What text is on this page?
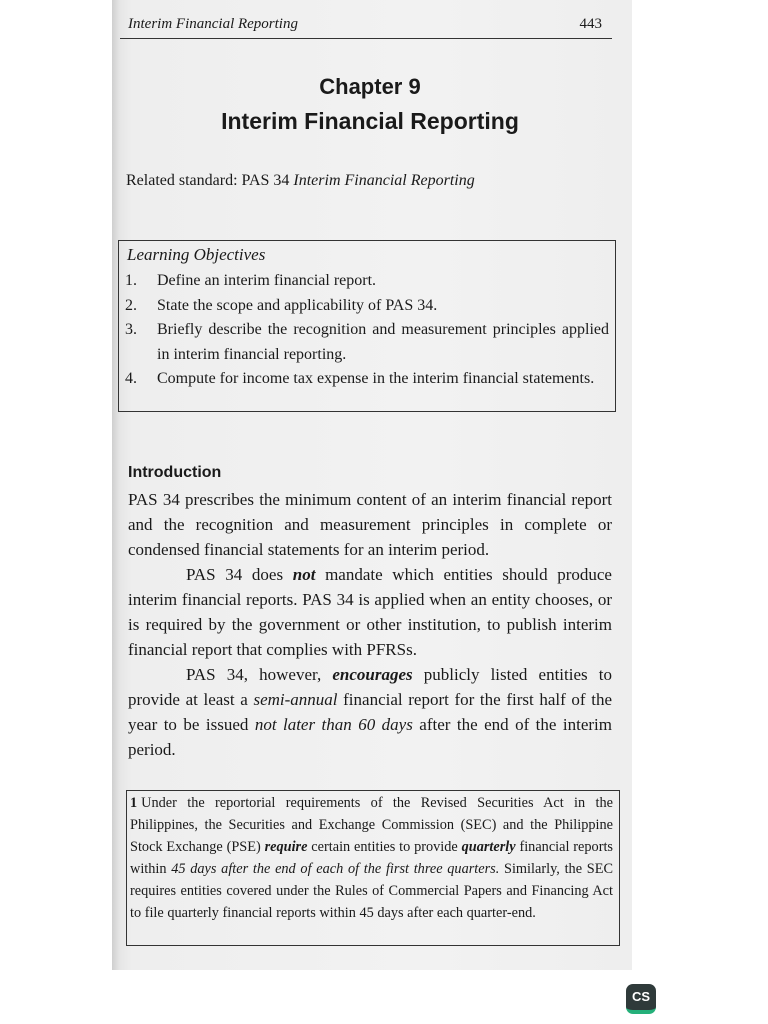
Interim Financial Reporting	443
Chapter 9
Interim Financial Reporting
Related standard: PAS 34 Interim Financial Reporting
Learning Objectives
1.	Define an interim financial report.
2.	State the scope and applicability of PAS 34.
3.	Briefly describe the recognition and measurement principles applied in interim financial reporting.
4.	Compute for income tax expense in the interim financial statements.
Introduction

PAS 34 prescribes the minimum content of an interim financial report and the recognition and measurement principles in complete or condensed financial statements for an interim period.

PAS 34 does not mandate which entities should produce interim financial reports. PAS 34 is applied when an entity chooses, or is required by the government or other institution, to publish interim financial report that complies with PFRSs.

PAS 34, however, encourages publicly listed entities to provide at least a semi-annual financial report for the first half of the year to be issued not later than 60 days after the end of the interim period.

1 Under the reportorial requirements of the Revised Securities Act in the Philippines, the Securities and Exchange Commission (SEC) and the Philippine Stock Exchange (PSE) require certain entities to provide quarterly financial reports within 45 days after the end of each of the first three quarters. Similarly, the SEC requires entities covered under the Rules of Commercial Papers and Financing Act to file quarterly financial reports within 45 days after each quarter-end.
CS
